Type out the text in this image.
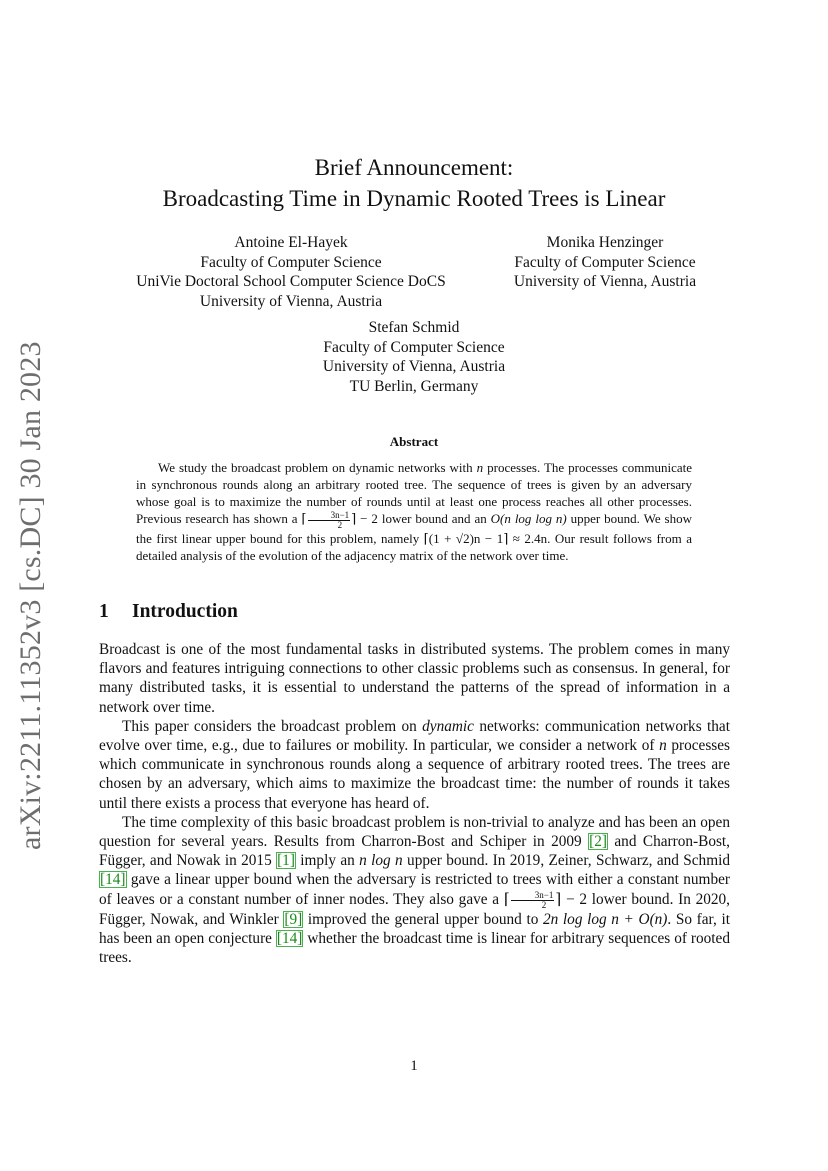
arXiv:2211.11352v3 [cs.DC] 30 Jan 2023
Brief Announcement:
Broadcasting Time in Dynamic Rooted Trees is Linear
Antoine El-Hayek
Faculty of Computer Science
UniVie Doctoral School Computer Science DoCS
University of Vienna, Austria
Monika Henzinger
Faculty of Computer Science
University of Vienna, Austria
Stefan Schmid
Faculty of Computer Science
University of Vienna, Austria
TU Berlin, Germany
Abstract

We study the broadcast problem on dynamic networks with n processes. The processes communicate in synchronous rounds along an arbitrary rooted tree. The sequence of trees is given by an adversary whose goal is to maximize the number of rounds until at least one process reaches all other processes. Previous research has shown a ⌈ $\frac{3n-1}{2}$ ⌉ − 2 lower bound and an O(n log log n) upper bound. We show the first linear upper bound for this problem, namely ⌈(1 + √2)n − 1⌉ ≈ 2.4n. Our result follows from a detailed analysis of the evolution of the adjacency matrix of the network over time.

1 Introduction

Broadcast is one of the most fundamental tasks in distributed systems. The problem comes in many flavors and features intriguing connections to other classic problems such as consensus. In general, for many distributed tasks, it is essential to understand the patterns of the spread of information in a network over time.

This paper considers the broadcast problem on dynamic networks: communication networks that evolve over time, e.g., due to failures or mobility. In particular, we consider a network of n processes which communicate in synchronous rounds along a sequence of arbitrary rooted trees. The trees are chosen by an adversary, which aims to maximize the broadcast time: the number of rounds it takes until there exists a process that everyone has heard of.

The time complexity of this basic broadcast problem is non-trivial to analyze and has been an open question for several years. Results from Charron-Bost and Schiper in 2009 [2] and Charron-Bost, Függer, and Nowak in 2015 [1] imply an n log n upper bound. In 2019, Zeiner, Schwarz, and Schmid [14] gave a linear upper bound when the adversary is restricted to trees with either a constant number of leaves or a constant number of inner nodes. They also gave a ⌈ $\frac{3n-1}{2}$ ⌉ − 2 lower bound. In 2020, Függer, Nowak, and Winkler [9] improved the general upper bound to 2n log log n + O(n). So far, it has been an open conjecture [14] whether the broadcast time is linear for arbitrary sequences of rooted trees.

1
